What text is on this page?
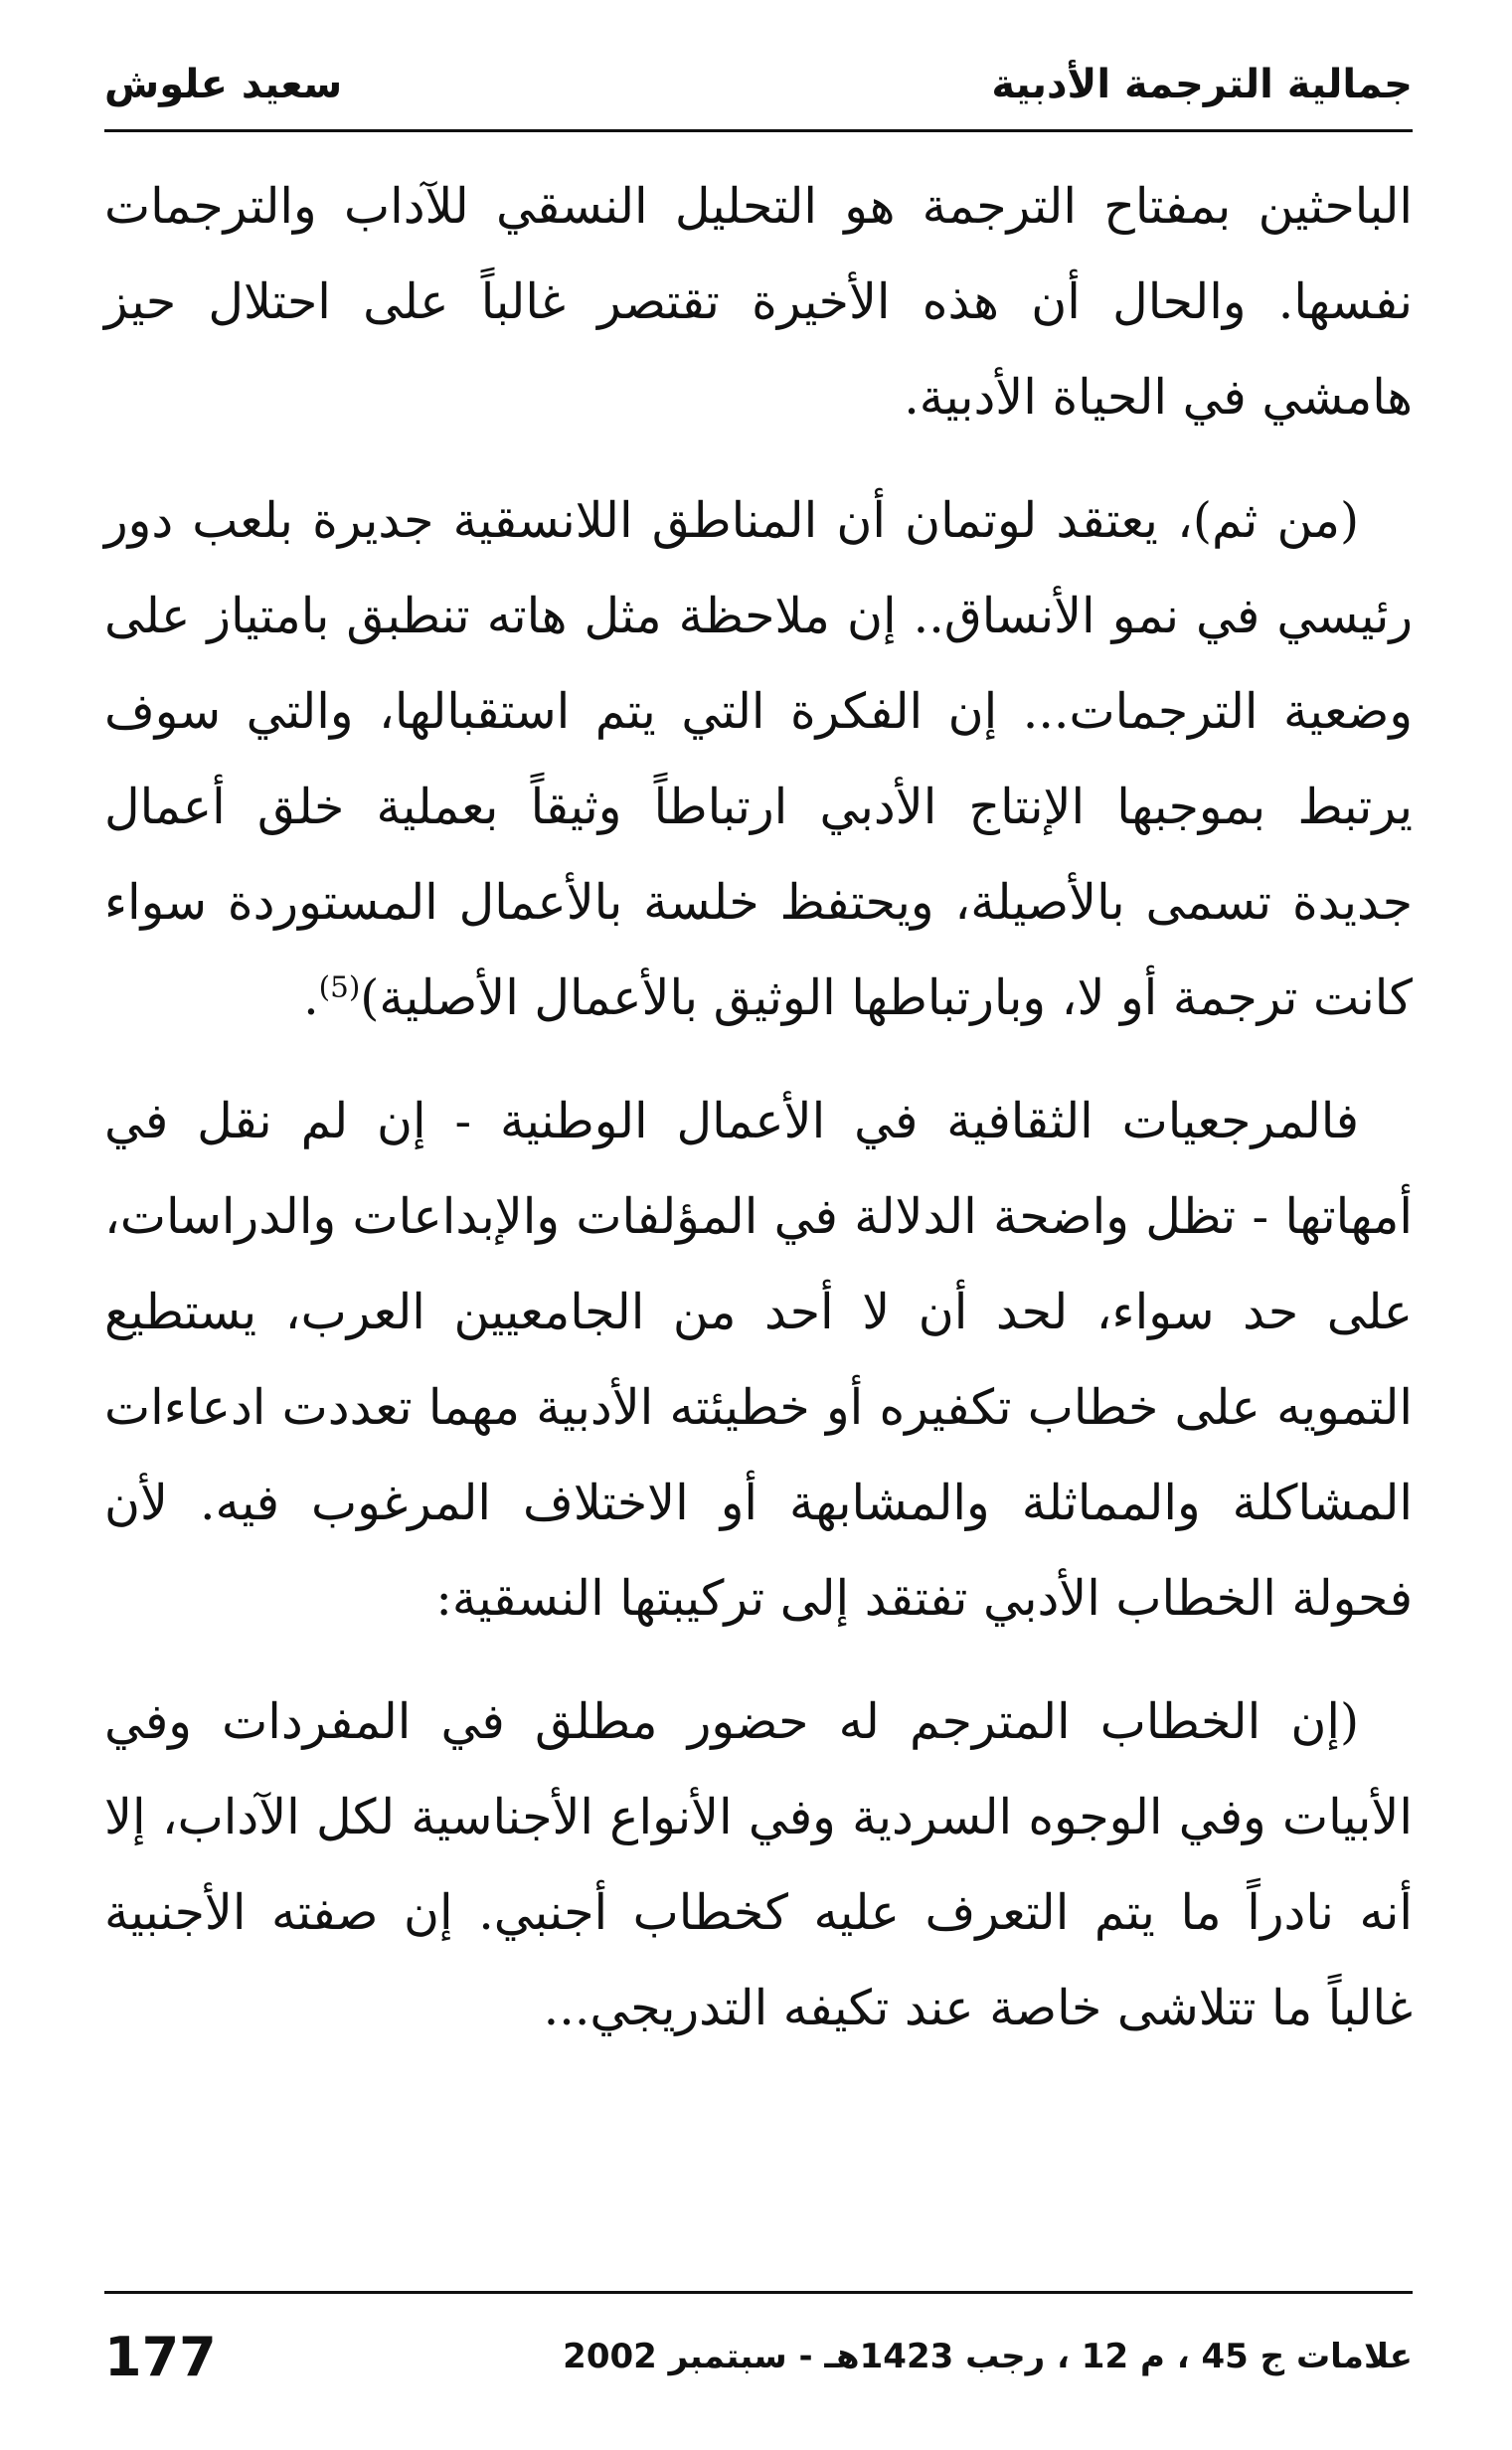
جمالية الترجمة الأدبية
سعيد علوش

الباحثين بمفتاح الترجمة هو التحليل النسقي للآداب والترجمات نفسها. والحال أن هذه الأخيرة تقتصر غالباً على احتلال حيز هامشي في الحياة الأدبية.

(من ثم)، يعتقد لوتمان أن المناطق اللانسقية جديرة بلعب دور رئيسي في نمو الأنساق.. إن ملاحظة مثل هاته تنطبق بامتياز على وضعية الترجمات... إن الفكرة التي يتم استقبالها، والتي سوف يرتبط بموجبها الإنتاج الأدبي ارتباطاً وثيقاً بعملية خلق أعمال جديدة تسمى بالأصيلة، ويحتفظ خلسة بالأعمال المستوردة سواء كانت ترجمة أو لا، وبارتباطها الوثيق بالأعمال الأصلية)$^{(5)}$.

فالمرجعيات الثقافية في الأعمال الوطنية - إن لم نقل في أمهاتها - تظل واضحة الدلالة في المؤلفات والإبداعات والدراسات، على حد سواء، لحد أن لا أحد من الجامعيين العرب، يستطيع التمويه على خطاب تكفيره أو خطيئته الأدبية مهما تعددت ادعاءات المشاكلة والمماثلة والمشابهة أو الاختلاف المرغوب فيه. لأن فحولة الخطاب الأدبي تفتقد إلى تركيبتها النسقية:

(إن الخطاب المترجم له حضور مطلق في المفردات وفي الأبيات وفي الوجوه السردية وفي الأنواع الأجناسية لكل الآداب، إلا أنه نادراً ما يتم التعرف عليه كخطاب أجنبي. إن صفته الأجنبية غالباً ما تتلاشى خاصة عند تكيفه التدريجي...

علامات ج 45 ، م 12 ، رجب 1423هـ - سبتمبر 2002
177
